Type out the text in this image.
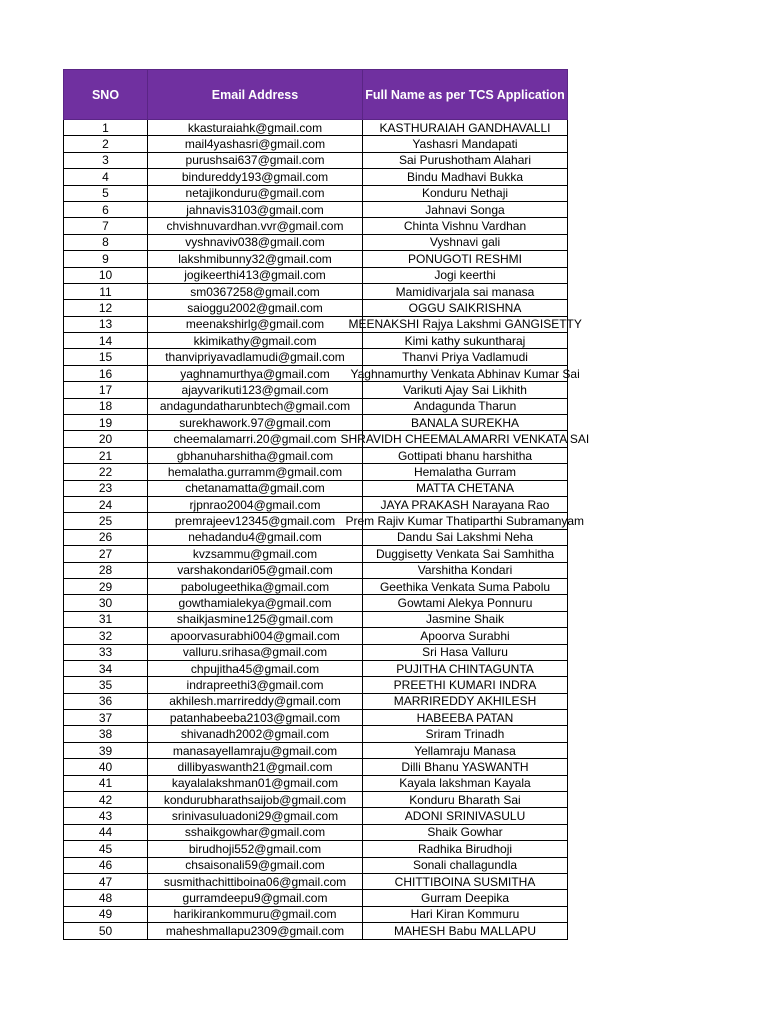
SNO	Email Address	Full Name as per TCS Application
1	kkasturaiahk@gmail.com	KASTHURAIAH GANDHAVALLI
2	mail4yashasri@gmail.com	Yashasri Mandapati
3	purushsai637@gmail.com	Sai Purushotham Alahari
4	bindureddy193@gmail.com	Bindu Madhavi Bukka
5	netajikonduru@gmail.com	Konduru Nethaji
6	jahnavis3103@gmail.com	Jahnavi Songa
7	chvishnuvardhan.vvr@gmail.com	Chinta Vishnu Vardhan
8	vyshnaviv038@gmail.com	Vyshnavi gali
9	lakshmibunny32@gmail.com	PONUGOTI RESHMI
10	jogikeerthi413@gmail.com	Jogi keerthi
11	sm0367258@gmail.com	Mamidivarjala sai manasa
12	saioggu2002@gmail.com	OGGU SAIKRISHNA
13	meenakshirlg@gmail.com	MEENAKSHI Rajya Lakshmi GANGISETTY
14	kkimikathy@gmail.com	Kimi kathy sukuntharaj
15	thanvipriyavadlamudi@gmail.com	Thanvi Priya Vadlamudi
16	yaghnamurthya@gmail.com	Yaghnamurthy Venkata Abhinav Kumar Sai
17	ajayvarikuti123@gmail.com	Varikuti Ajay Sai Likhith
18	andagundatharunbtech@gmail.com	Andagunda Tharun
19	surekhawork.97@gmail.com	BANALA SUREKHA
20	cheemalamarri.20@gmail.com	SHRAVIDH CHEEMALAMARRI VENKATA SAI
21	gbhanuharshitha@gmail.com	Gottipati bhanu harshitha
22	hemalatha.gurramm@gmail.com	Hemalatha Gurram
23	chetanamatta@gmail.com	MATTA CHETANA
24	rjpnrao2004@gmail.com	JAYA PRAKASH Narayana Rao
25	premrajeev12345@gmail.com	Prem Rajiv Kumar Thatiparthi Subramanyam
26	nehadandu4@gmail.com	Dandu Sai Lakshmi Neha
27	kvzsammu@gmail.com	Duggisetty Venkata Sai Samhitha
28	varshakondari05@gmail.com	Varshitha Kondari
29	pabolugeethika@gmail.com	Geethika Venkata Suma Pabolu
30	gowthamialekya@gmail.com	Gowtami Alekya Ponnuru
31	shaikjasmine125@gmail.com	Jasmine Shaik
32	apoorvasurabhi004@gmail.com	Apoorva Surabhi
33	valluru.srihasa@gmail.com	Sri Hasa Valluru
34	chpujitha45@gmail.com	PUJITHA CHINTAGUNTA
35	indrapreethi3@gmail.com	PREETHI KUMARI INDRA
36	akhilesh.marrireddy@gmail.com	MARRIREDDY AKHILESH
37	patanhabeeba2103@gmail.com	HABEEBA PATAN
38	shivanadh2002@gmail.com	Sriram Trinadh
39	manasayellamraju@gmail.com	Yellamraju Manasa
40	dillibyaswanth21@gmail.com	Dilli Bhanu YASWANTH
41	kayalalakshman01@gmail.com	Kayala lakshman Kayala
42	kondurubharathsaijob@gmail.com	Konduru Bharath Sai
43	srinivasuluadoni29@gmail.com	ADONI SRINIVASULU
44	sshaikgowhar@gmail.com	Shaik Gowhar
45	birudhoji552@gmail.com	Radhika Birudhoji
46	chsaisonali59@gmail.com	Sonali challagundla
47	susmithachittiboina06@gmail.com	CHITTIBOINA SUSMITHA
48	gurramdeepu9@gmail.com	Gurram Deepika
49	harikirankommuru@gmail.com	Hari Kiran Kommuru
50	maheshmallapu2309@gmail.com	MAHESH Babu MALLAPU
